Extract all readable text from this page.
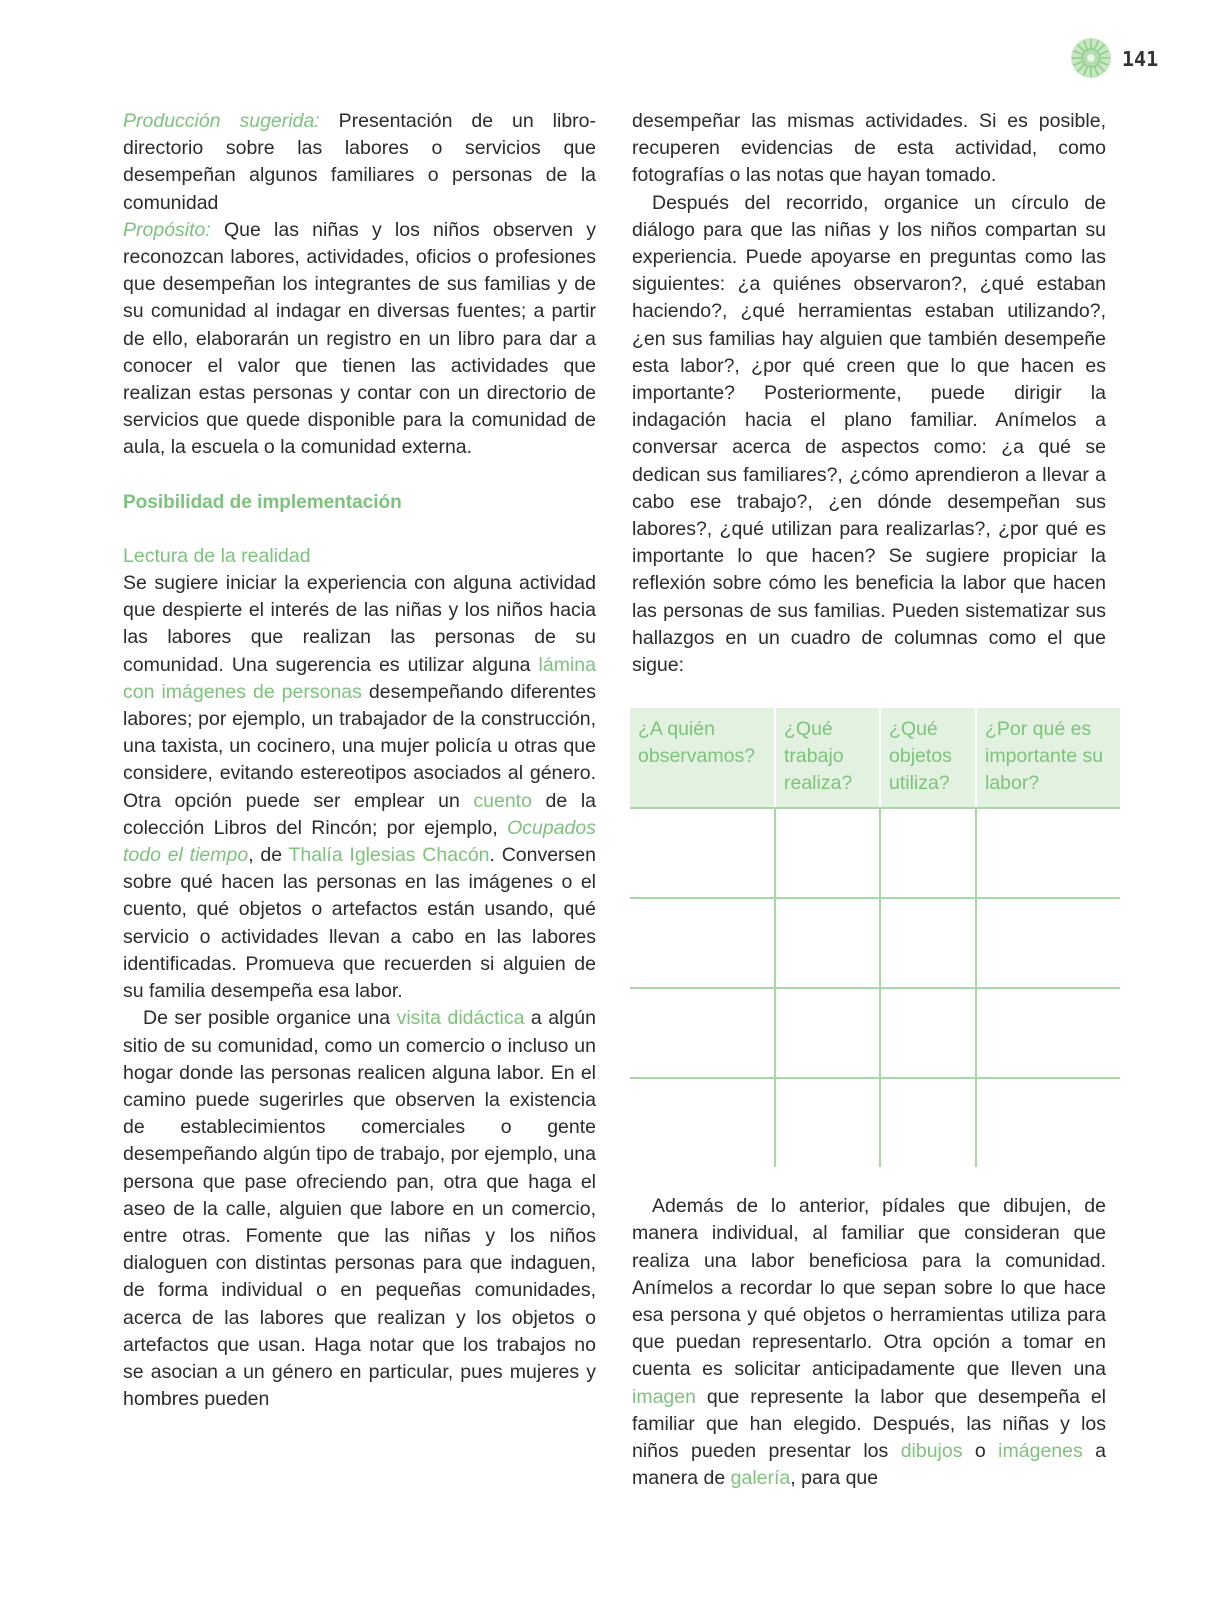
141

Producción sugerida: Presentación de un libro-directorio sobre las labores o servicios que desempeñan algunos familiares o personas de la comunidad

Propósito: Que las niñas y los niños observen y reconozcan labores, actividades, oficios o profesiones que desempeñan los integrantes de sus familias y de su comunidad al indagar en diversas fuentes; a partir de ello, elaborarán un registro en un libro para dar a conocer el valor que tienen las actividades que realizan estas personas y contar con un directorio de servicios que quede disponible para la comunidad de aula, la escuela o la comunidad externa.

Posibilidad de implementación

Lectura de la realidad

Se sugiere iniciar la experiencia con alguna actividad que despierte el interés de las niñas y los niños hacia las labores que realizan las personas de su comunidad. Una sugerencia es utilizar alguna lámina con imágenes de personas desempeñando diferentes labores; por ejemplo, un trabajador de la construcción, una taxista, un cocinero, una mujer policía u otras que considere, evitando estereotipos asociados al género. Otra opción puede ser emplear un cuento de la colección Libros del Rincón; por ejemplo, Ocupados todo el tiempo, de Thalía Iglesias Chacón. Conversen sobre qué hacen las personas en las imágenes o el cuento, qué objetos o artefactos están usando, qué servicio o actividades llevan a cabo en las labores identificadas. Promueva que recuerden si alguien de su familia desempeña esa labor.

De ser posible organice una visita didáctica a algún sitio de su comunidad, como un comercio o incluso un hogar donde las personas realicen alguna labor. En el camino puede sugerirles que observen la existencia de establecimientos comerciales o gente desempeñando algún tipo de trabajo, por ejemplo, una persona que pase ofreciendo pan, otra que haga el aseo de la calle, alguien que labore en un comercio, entre otras. Fomente que las niñas y los niños dialoguen con distintas personas para que indaguen, de forma individual o en pequeñas comunidades, acerca de las labores que realizan y los objetos o artefactos que usan. Haga notar que los trabajos no se asocian a un género en particular, pues mujeres y hombres pueden

desempeñar las mismas actividades. Si es posible, recuperen evidencias de esta actividad, como fotografías o las notas que hayan tomado.

Después del recorrido, organice un círculo de diálogo para que las niñas y los niños compartan su experiencia. Puede apoyarse en preguntas como las siguientes: ¿a quiénes observaron?, ¿qué estaban haciendo?, ¿qué herramientas estaban utilizando?, ¿en sus familias hay alguien que también desempeñe esta labor?, ¿por qué creen que lo que hacen es importante? Posteriormente, puede dirigir la indagación hacia el plano familiar. Anímelos a conversar acerca de aspectos como: ¿a qué se dedican sus familiares?, ¿cómo aprendieron a llevar a cabo ese trabajo?, ¿en dónde desempeñan sus labores?, ¿qué utilizan para realizarlas?, ¿por qué es importante lo que hacen? Se sugiere propiciar la reflexión sobre cómo les beneficia la labor que hacen las personas de sus familias. Pueden sistematizar sus hallazgos en un cuadro de columnas como el que sigue:

¿A quién observamos?	¿Qué trabajo realiza?	¿Qué objetos utiliza?	¿Por qué es importante su labor?

Además de lo anterior, pídales que dibujen, de manera individual, al familiar que consideran que realiza una labor beneficiosa para la comunidad. Anímelos a recordar lo que sepan sobre lo que hace esa persona y qué objetos o herramientas utiliza para que puedan representarlo. Otra opción a tomar en cuenta es solicitar anticipadamente que lleven una imagen que represente la labor que desempeña el familiar que han elegido. Después, las niñas y los niños pueden presentar los dibujos o imágenes a manera de galería, para que
